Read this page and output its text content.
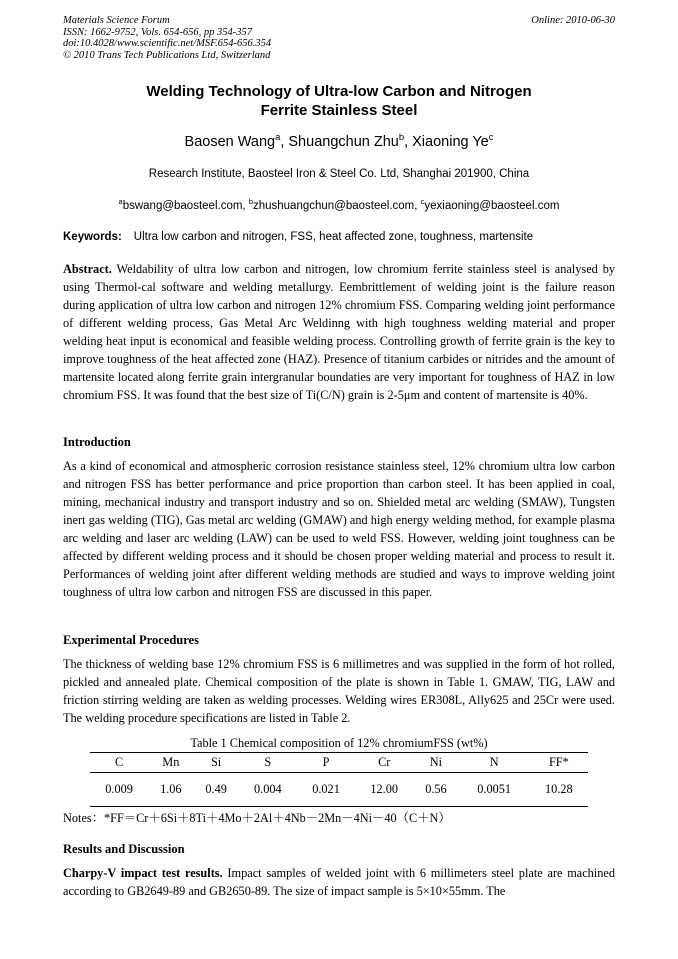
Materials Science Forum
ISSN: 1662-9752, Vols. 654-656, pp 354-357
doi:10.4028/www.scientific.net/MSF.654-656.354
© 2010 Trans Tech Publications Ltd, Switzerland
Online: 2010-06-30
Welding Technology of Ultra-low Carbon and Nitrogen
Ferrite Stainless Steel
Baosen Wang$^a$, Shuangchun Zhu$^b$, Xiaoning Ye$^c$
Research Institute, Baosteel Iron & Steel Co. Ltd, Shanghai 201900, China
$^a$bswang@baosteel.com, $^b$zhushuangchun@baosteel.com, $^c$yexiaoning@baosteel.com
Keywords: Ultra low carbon and nitrogen, FSS, heat affected zone, toughness, martensite

Abstract. Weldability of ultra low carbon and nitrogen, low chromium ferrite stainless steel is analysed by using Thermol-cal software and welding metallurgy. Eembrittlement of welding joint is the failure reason during application of ultra low carbon and nitrogen 12% chromium FSS. Comparing welding joint performance of different welding process, Gas Metal Arc Weldinng with high toughness welding material and proper welding heat input is economical and feasible welding process. Controlling growth of ferrite grain is the key to improve toughness of the heat affected zone (HAZ). Presence of titanium carbides or nitrides and the amount of martensite located along ferrite grain intergranular boundaties are very important for toughness of HAZ in low chromium FSS. It was found that the best size of Ti(C/N) grain is 2-5μm and content of martensite is 40%.

Introduction

As a kind of economical and atmospheric corrosion resistance stainless steel, 12% chromium ultra low carbon and nitrogen FSS has better performance and price proportion than carbon steel. It has been applied in coal, mining, mechanical industry and transport industry and so on. Shielded metal arc welding (SMAW), Tungsten inert gas welding (TIG), Gas metal arc welding (GMAW) and high energy welding method, for example plasma arc welding and laser arc welding (LAW) can be used to weld FSS. However, welding joint toughness can be affected by different welding process and it should be chosen proper welding material and process to result it. Performances of welding joint after different welding methods are studied and ways to improve welding joint toughness of ultra low carbon and nitrogen FSS are discussed in this paper.

Experimental Procedures

The thickness of welding base 12% chromium FSS is 6 millimetres and was supplied in the form of hot rolled, pickled and annealed plate. Chemical composition of the plate is shown in Table 1. GMAW, TIG, LAW and friction stirring welding are taken as welding processes. Welding wires ER308L, Ally625 and 25Cr were used. The welding procedure specifications are listed in Table 2.

Table 1 Chemical composition of 12% chromiumFSS (wt%)
C	Mn	Si	S	P	Cr	Ni	N	FF*
0.009	1.06	0.49	0.004	0.021	12.00	0.56	0.0051	10.28
Notes：*FF＝Cr＋6Si＋8Ti＋4Mo＋2Al＋4Nb－2Mn－4Ni－40（C＋N）

Results and Discussion

Charpy-V impact test results. Impact samples of welded joint with 6 millimeters steel plate are machined according to GB2649-89 and GB2650-89. The size of impact sample is 5×10×55mm. The
